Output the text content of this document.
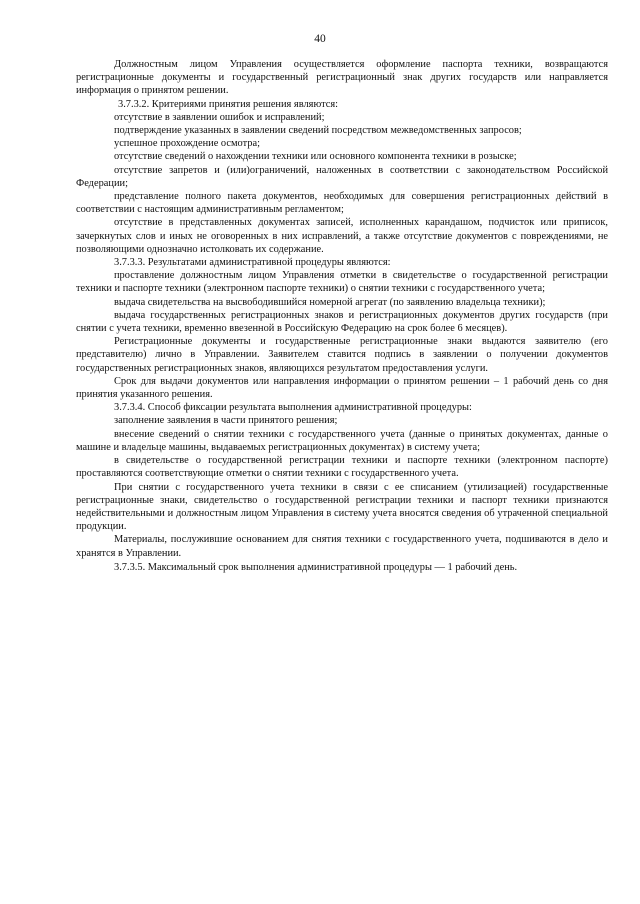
40

Должностным лицом Управления осуществляется оформление паспорта техники, возвращаются регистрационные документы и государственный регистрационный знак других государств или направляется информация о принятом решении.

3.7.3.2. Критериями принятия решения являются:

отсутствие в заявлении ошибок и исправлений;

подтверждение указанных в заявлении сведений посредством межведомственных запросов;

успешное прохождение осмотра;

отсутствие сведений о нахождении техники или основного компонента техники в розыске;

отсутствие запретов и (или)ограничений, наложенных в соответствии с законодательством Российской Федерации;

представление полного пакета документов, необходимых для совершения регистрационных действий в соответствии с настоящим административным регламентом;

отсутствие в представленных документах записей, исполненных карандашом, подчисток или приписок, зачеркнутых слов и иных не оговоренных в них исправлений, а также отсутствие документов с повреждениями, не позволяющими однозначно истолковать их содержание.

3.7.3.3. Результатами административной процедуры являются:

проставление должностным лицом Управления отметки в свидетельстве о государственной регистрации техники и паспорте техники (электронном паспорте техники) о снятии техники с государственного учета;

выдача свидетельства на высвободившийся номерной агрегат (по заявлению владельца техники);

выдача государственных регистрационных знаков и регистрационных документов других государств (при снятии с учета техники, временно ввезенной в Российскую Федерацию на срок более 6 месяцев).

Регистрационные документы и государственные регистрационные знаки выдаются заявителю (его представителю) лично в Управлении. Заявителем ставится подпись в заявлении о получении документов государственных регистрационных знаков, являющихся результатом предоставления услуги.

Срок для выдачи документов или направления информации о принятом решении – 1 рабочий день со дня принятия указанного решения.

3.7.3.4. Способ фиксации результата выполнения административной процедуры:

заполнение заявления в части принятого решения;

внесение сведений о снятии техники с государственного учета (данные о принятых документах, данные о машине и владельце машины, выдаваемых регистрационных документах) в систему учета;

в свидетельстве о государственной регистрации техники и паспорте техники (электронном паспорте) проставляются соответствующие отметки о снятии техники с государственного учета.

При снятии с государственного учета техники в связи с ее списанием (утилизацией) государственные регистрационные знаки, свидетельство о государственной регистрации техники и паспорт техники признаются недействительными и должностным лицом Управления в систему учета вносятся сведения об утраченной специальной продукции.

Материалы, послужившие основанием для снятия техники с государственного учета, подшиваются в дело и хранятся в Управлении.

3.7.3.5. Максимальный срок выполнения административной процедуры — 1 рабочий день.
